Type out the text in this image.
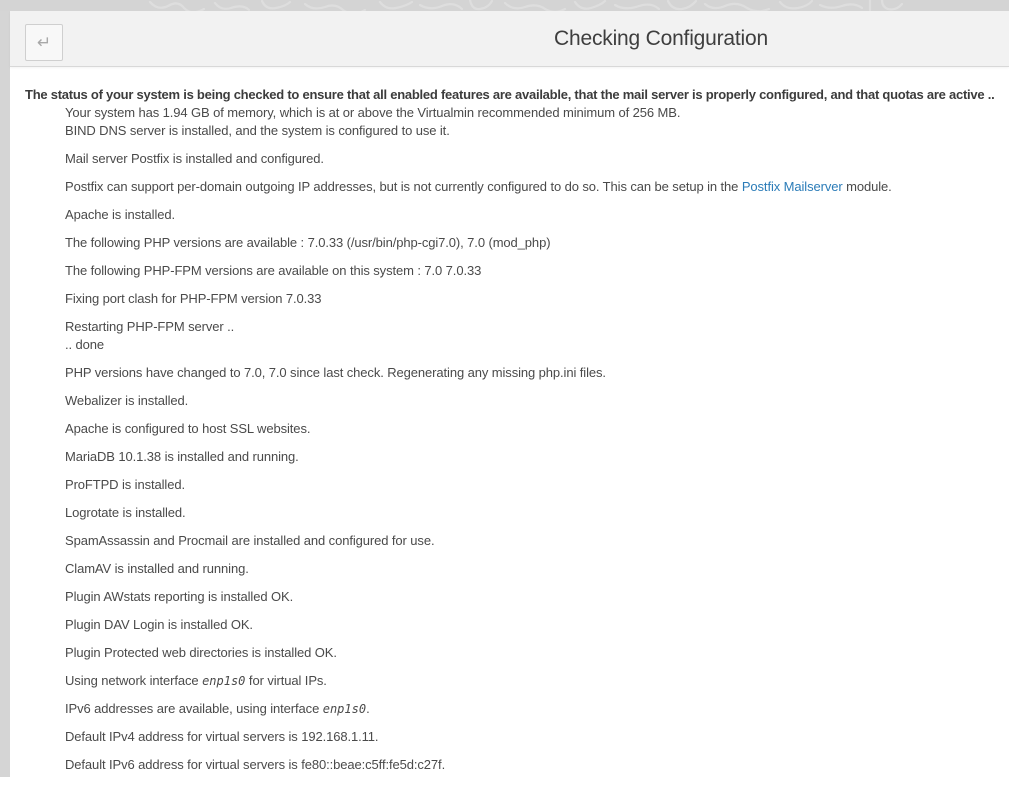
↵	Checking Configuration
The status of your system is being checked to ensure that all enabled features are available, that the mail server is properly configured, and that quotas are active ..
Your system has 1.94 GB of memory, which is at or above the Virtualmin recommended minimum of 256 MB.
BIND DNS server is installed, and the system is configured to use it.
Mail server Postfix is installed and configured.
Postfix can support per-domain outgoing IP addresses, but is not currently configured to do so. This can be setup in the Postfix Mailserver module.
Apache is installed.
The following PHP versions are available : 7.0.33 (/usr/bin/php-cgi7.0), 7.0 (mod_php)
The following PHP-FPM versions are available on this system : 7.0 7.0.33
Fixing port clash for PHP-FPM version 7.0.33
Restarting PHP-FPM server ..
.. done
PHP versions have changed to 7.0, 7.0 since last check. Regenerating any missing php.ini files.
Webalizer is installed.
Apache is configured to host SSL websites.
MariaDB 10.1.38 is installed and running.
ProFTPD is installed.
Logrotate is installed.
SpamAssassin and Procmail are installed and configured for use.
ClamAV is installed and running.
Plugin AWstats reporting is installed OK.
Plugin DAV Login is installed OK.
Plugin Protected web directories is installed OK.
Using network interface enp1s0 for virtual IPs.
IPv6 addresses are available, using interface enp1s0.
Default IPv4 address for virtual servers is 192.168.1.11.
Default IPv6 address for virtual servers is fe80::beae:c5ff:fe5d:c27f.
